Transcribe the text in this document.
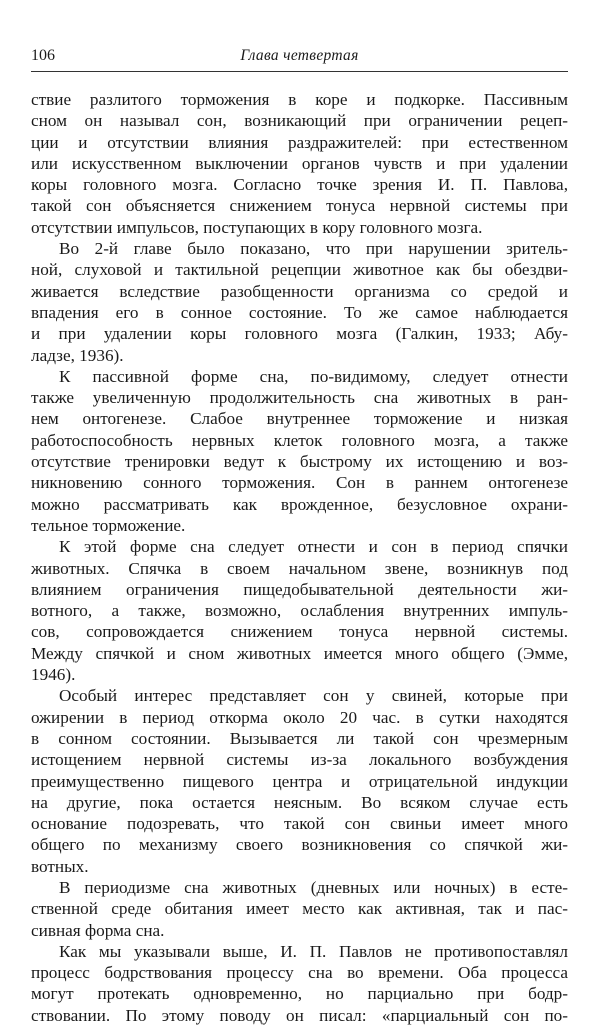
106	Глава четвертая
ствие разлитого торможения в коре и подкорке. Пассивным
сном он называл сон, возникающий при ограничении рецеп-
ции и отсутствии влияния раздражителей: при естественном
или искусственном выключении органов чувств и при удалении
коры головного мозга. Согласно точке зрения И. П. Павлова,
такой сон объясняется снижением тонуса нервной системы при
отсутствии импульсов, поступающих в кору головного мозга.
Во 2-й главе было показано, что при нарушении зритель-
ной, слуховой и тактильной рецепции животное как бы обездви-
живается вследствие разобщенности организма со средой и
впадения его в сонное состояние. То же самое наблюдается
и при удалении коры головного мозга (Галкин, 1933; Абу-
ладзе, 1936).
К пассивной форме сна, по-видимому, следует отнести
также увеличенную продолжительность сна животных в ран-
нем онтогенезе. Слабое внутреннее торможение и низкая
работоспособность нервных клеток головного мозга, а также
отсутствие тренировки ведут к быстрому их истощению и воз-
никновению сонного торможения. Сон в раннем онтогенезе
можно рассматривать как врожденное, безусловное охрани-
тельное торможение.
К этой форме сна следует отнести и сон в период спячки
животных. Спячка в своем начальном звене, возникнув под
влиянием ограничения пищедобывательной деятельности жи-
вотного, а также, возможно, ослабления внутренних импуль-
сов, сопровождается снижением тонуса нервной системы.
Между спячкой и сном животных имеется много общего (Эмме,
1946).
Особый интерес представляет сон у свиней, которые при
ожирении в период откорма около 20 час. в сутки находятся
в сонном состоянии. Вызывается ли такой сон чрезмерным
истощением нервной системы из-за локального возбуждения
преимущественно пищевого центра и отрицательной индукции
на другие, пока остается неясным. Во всяком случае есть
основание подозревать, что такой сон свиньи имеет много
общего по механизму своего возникновения со спячкой жи-
вотных.
В периодизме сна животных (дневных или ночных) в есте-
ственной среде обитания имеет место как активная, так и пас-
сивная форма сна.
Как мы указывали выше, И. П. Павлов не противопоставлял
процесс бодрствования процессу сна во времени. Оба процесса
могут протекать одновременно, но парциально при бодр-
ствовании. По этому поводу он писал: «парциальный сон по-
